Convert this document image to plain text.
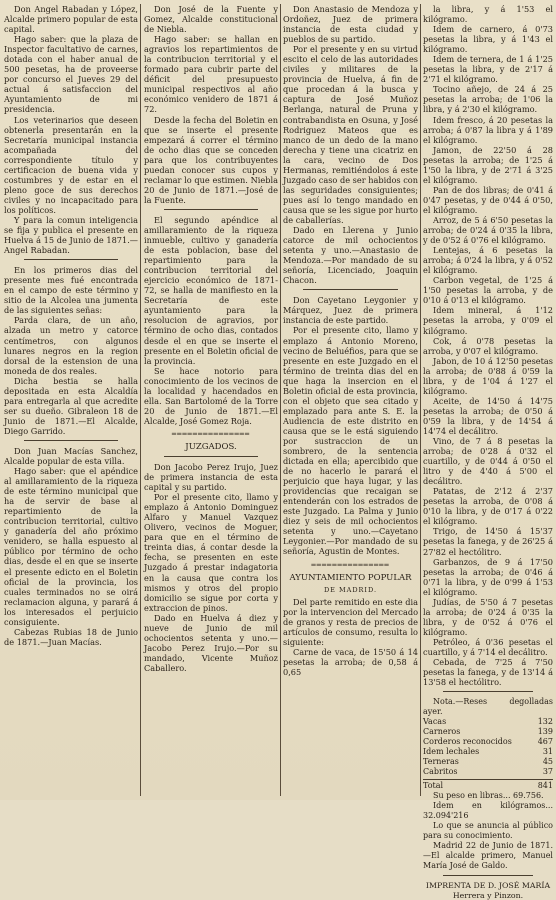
Don Angel Rabadan y López, Alcalde primero popular de esta capital.

Hago saber: que la plaza de Inspector facultativo de carnes, dotada con el haber anual de 500 pesetas, ha de proveerse por concurso el Jueves 29 del actual á satisfaccion del Ayuntamiento de mi presidencia.

Los veterinarios que deseen obtenerla presentarán en la Secretaría municipal instancia acompañada del correspondiente título y certificacion de buena vida y costumbres y de estar en el pleno goce de sus derechos civiles y no incapacitado para los políticos.

Y para la comun inteligencia se fija y publica el presente en Huelva á 15 de Junio de 1871.—Angel Rabadan.

En los primeros dias del presente mes fué encontrada en el campo de este término y sitio de la Alcolea una jumenta de las siguientes señas:

Parda clara, de un año, alzada un metro y catorce centímetros, con algunos lunares negros en la region dorsal de la estension de una moneda de dos reales.

Dicha bestia se halla depositada en esta Alcaldía para entregarla al que acredite ser su dueño. Gibraleon 18 de Junio de 1871.—El Alcalde, Diego Garrido.

Don Juan Macías Sanchez, Alcalde popular de esta villa.

Hago saber: que el apéndice al amillaramiento de la riqueza de este término municipal que ha de servir de base al repartimiento de la contribucion territorial, cultivo y ganadería del año próximo venidero, se halla espuesto al público por término de ocho dias, desde el en que se inserte el presente edicto en el Boletin oficial de la provincia, los cuales terminados no se oirá reclamacion alguna, y parará á los interesados el perjuicio consiguiente.

Cabezas Rubias 18 de Junio de 1871.—Juan Macías.

Don José de la Fuente y Gomez, Alcalde constitucional de Niebla.

Hago saber: se hallan en agravios los repartimientos de la contribucion territorial y el formado para cubrir parte del déficit del presupuesto municipal respectivos al año económico venidero de 1871 á 72.

Desde la fecha del Boletin en que se inserte el presente empezará á correr el término de ocho dias que se conceden para que los contribuyentes puedan conocer sus cupos y reclamar lo que estimen. Niebla 20 de Junio de 1871.—José de la Fuente.

El segundo apéndice al amillaramiento de la riqueza inmueble, cultivo y ganadería de esta poblacion, base del repartimiento para la contribucion territorial del ejercicio económico de 1871-72, se halla de manifiesto en la Secretaría de este ayuntamiento para la resolucion de agravios, por término de ocho dias, contados desde el en que se inserte el presente en el Boletin oficial de la provincia.

Se hace notorio para conocimiento de los vecinos de la localidad y hacendados en ella. San Bartolomé de la Torre 20 de Junio de 1871.—El Alcalde, José Gomez Roja.

═══════════════
JUZGADOS.

Don Jacobo Perez Irujo, Juez de primera instancia de esta capital y su partido.

Por el presente cito, llamo y emplazo á Antonio Dominguez Alfaro y Manuel Vazquez Olivero, vecinos de Moguer, para que en el término de treinta dias, á contar desde la fecha, se presenten en este Juzgado á prestar indagatoria en la causa que contra los mismos y otros del propio domicilio se sigue por corta y extraccion de pinos.

Dado en Huelva á diez y nueve de Junio de mil ochocientos setenta y uno.—Jacobo Perez Irujo.—Por su mandado, Vicente Muñoz Caballero.

Don Anastasio de Mendoza y Ordoñez, Juez de primera instancia de esta ciudad y pueblos de su partido.

Por el presente y en su virtud escito el celo de las autoridades civiles y militares de la provincia de Huelva, á fin de que procedan á la busca y captura de José Muñoz Berlanga, natural de Pruna y contrabandista en Osuna, y José Rodriguez Mateos que es manco de un dedo de la mano derecha y tiene una cicatriz en la cara, vecino de Dos Hermanas, remitiéndolos á este Juzgado caso de ser habidos con las seguridades consiguientes; pues así lo tengo mandado en causa que se les sigue por hurto de caballerías.

Dado en Llerena y Junio catorce de mil ochocientos setenta y uno.—Anastasio de Mendoza.—Por mandado de su señoría, Licenciado, Joaquin Chacon.

Don Cayetano Leygonier y Márquez, Juez de primera instancia de este partido.

Por el presente cito, llamo y emplazo á Antonio Moreno, vecino de Beluéfios, para que se presente en este Juzgado en el término de treinta dias del en que haga la insercion en el Boletin oficial de esta provincia, con el objeto que sea citado y emplazado para ante S. E. la Audiencia de este distrito en causa que se le está siguiendo por sustraccion de un sombrero, de la sentencia dictada en ella; apercibido que de no hacerlo le parará el perjuicio que haya lugar, y las providencias que recaigan se entenderán con los estrados de este Juzgado. La Palma y Junio diez y seis de mil ochocientos setenta y uno.—Cayetano Leygonier.—Por mandado de su señoría, Agustin de Montes.

═══════════════
AYUNTAMIENTO POPULAR
DE MADRID.

Del parte remitido en este dia por la intervencion del Mercado de granos y resta de precios de artículos de consumo, resulta lo siguiente:

Carne de vaca, de 15'50 á 14 pesetas la arroba; de 0,58 á 0,65

la libra, y á 1'53 el kilógramo.

Idem de carnero, á 0'73 pesetas la libra, y á 1'43 el kilógramo.

Idem de ternera, de 1 á 1'25 pesetas la libra, y de 2'17 á 2'71 el kilógramo.

Tocino añejo, de 24 á 25 pesetas la arroba; de 1'06 la libra, y á 2'30 el kilógramo.

Idem fresco, á 20 pesetas la arroba; á 0'87 la libra y á 1'89 el kilógramo.

Jamon, de 22'50 á 28 pesetas la arroba; de 1'25 á 1'50 la libra, y de 2'71 á 3'25 el kilógramo.

Pan de dos libras; de 0'41 á 0'47 pesetas, y de 0'44 á 0'50, el kilógramo.

Arroz, de 5 á 6'50 pesetas la arroba; de 0'24 á 0'35 la libra, y de 0'52 á 0'76 el kilógramo.

Lentejas, á 6 pesetas la arroba; á 0'24 la libra, y á 0'52 el kilógramo.

Carbon vegetal, de 1'25 á 1'50 pesetas la arroba, y de 0'10 á 0'13 el kilógramo.

Idem mineral, á 1'12 pesetas la arroba, y 0'09 el kilógramo.

Cok, á 0'78 pesetas la arroba, y 0'07 el kilógramo.

Jabon, de 10 á 12'50 pesetas la arroba; de 0'88 á 0'59 la libra, y de 1'04 á 1'27 el kilógramo.

Aceite, de 14'50 á 14'75 pesetas la arroba; de 0'50 á 0'59 la libra, y de 14'54 á 14'74 el decálitro.

Vino, de 7 á 8 pesetas la arroba; de 0'28 á 0'32 el cuartillo, y de 0'44 á 0'50 el litro y de 4'40 á 5'00 el decálitro.

Patatas, de 2'12 á 2'37 pesetas la arroba, de 0'08 á 0'10 la libra, y de 0'17 á 0'22 el kilógramo.

Trigo, de 14'50 á 15'37 pesetas la fanega, y de 26'25 á 27'82 el hectólitro.

Garbanzos, de 9 á 17'50 pesetas la arroba; de 0'46 á 0'71 la libra, y de 0'99 á 1'53 el kilógramo.

Judías, de 5'50 á 7 pesetas la arroba; de 0'24 á 0'35 la libra, y de 0'52 á 0'76 el kilógramo.

Petróleo, á 0'36 pesetas el cuartillo, y á 7'14 el decálitro.

Cebada, de 7'25 á 7'50 pesetas la fanega, y de 13'14 á 13'58 el hectólitro.

Nota.—Reses degolladas ayer.

Vacas	132
Carneros	139
Corderos reconocidos	467
Idem lechales	31
Terneras	45
Cabritos	37
Total	841

Su peso en libras... 69.756.

Idem en kilógramos... 32.094'216

Lo que se anuncia al público para su conocimiento.

Madrid 22 de Junio de 1871.—El alcalde primero, Manuel María José de Galdo.

IMPRENTA DE D. JOSÉ MARÍA Herrera y Pinzon.
